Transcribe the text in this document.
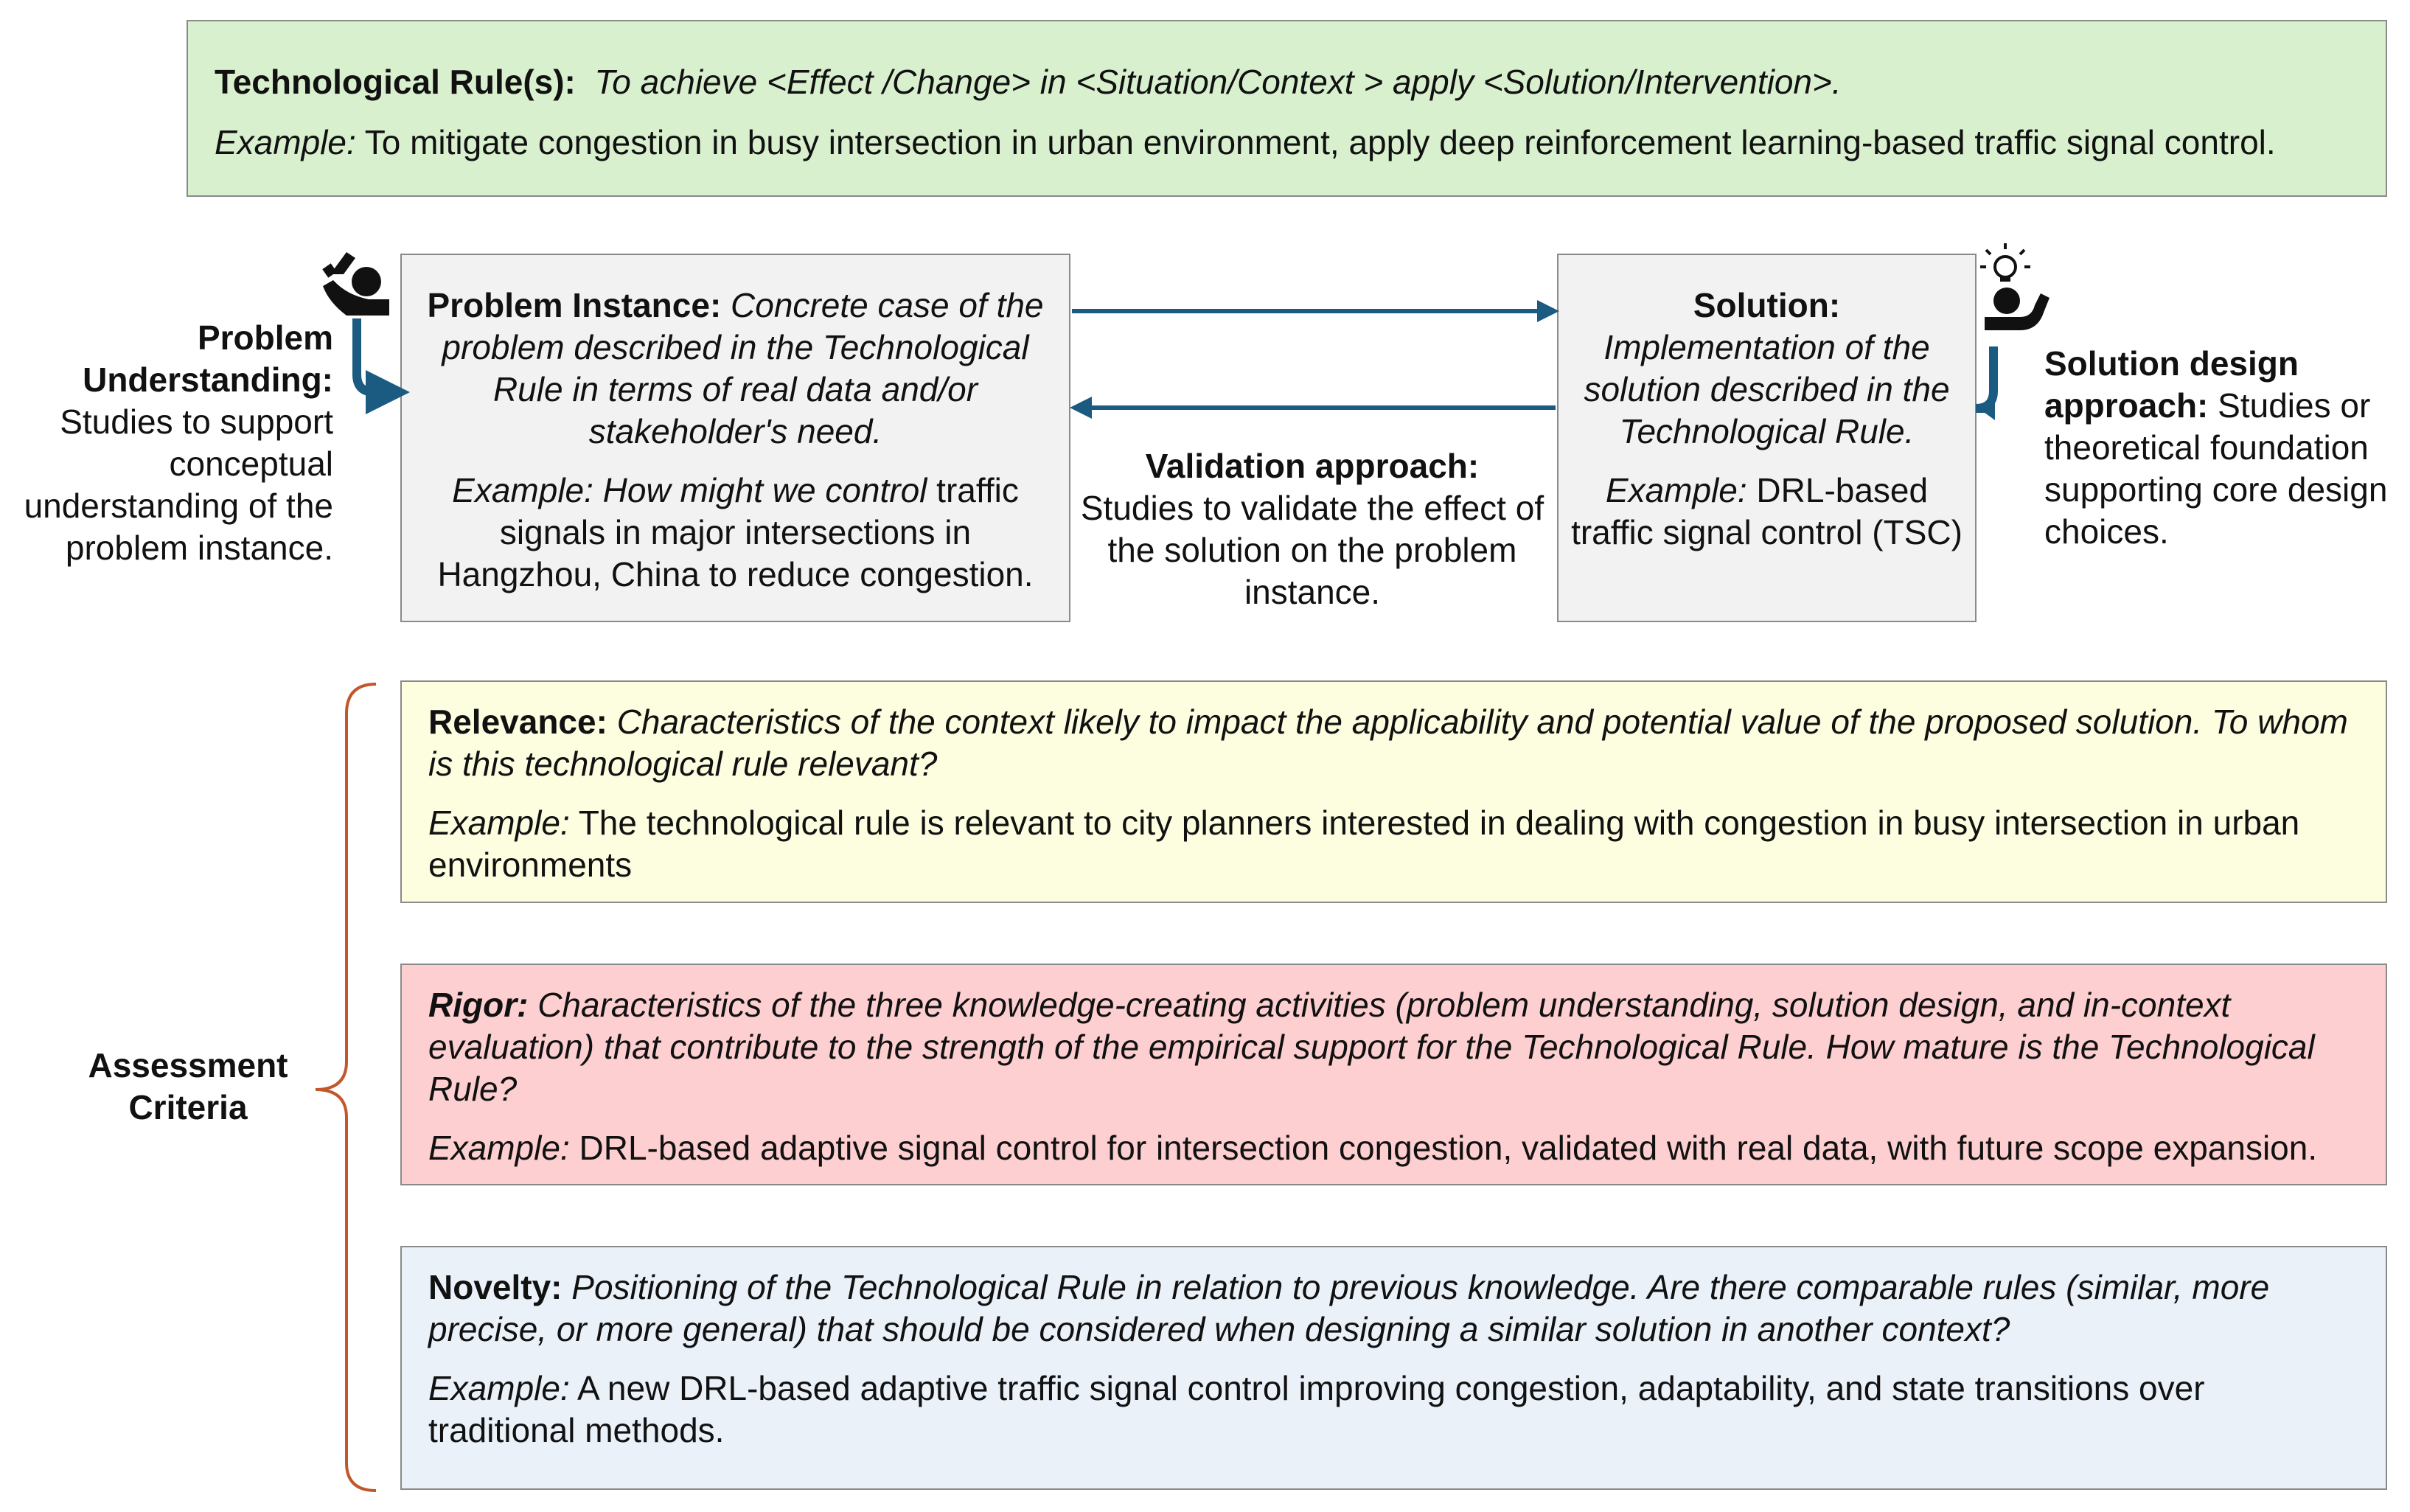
Technological Rule(s): To achieve <Effect /Change> in <Situation/Context > apply <Solution/Intervention>.

Example: To mitigate congestion in busy intersection in urban environment, apply deep reinforcement learning-based traffic signal control.

Problem Understanding:
Studies to support conceptual understanding of the problem instance.

Problem Instance: Concrete case of the problem described in the Technological Rule in terms of real data and/or stakeholder's need.

Example: How might we control traffic signals in major intersections in Hangzhou, China to reduce congestion.

Validation approach:
Studies to validate the effect of the solution on the problem instance.

Solution:
Implementation of the solution described in the Technological Rule.

Example: DRL-based traffic signal control (TSC)

Solution design approach: Studies or theoretical foundation supporting core design choices.
Assessment Criteria

Relevance: Characteristics of the context likely to impact the applicability and potential value of the proposed solution. To whom is this technological rule relevant?

Example: The technological rule is relevant to city planners interested in dealing with congestion in busy intersection in urban environments

Rigor: Characteristics of the three knowledge-creating activities (problem understanding, solution design, and in-context evaluation) that contribute to the strength of the empirical support for the Technological Rule. How mature is the Technological Rule?

Example: DRL-based adaptive signal control for intersection congestion, validated with real data, with future scope expansion.

Novelty: Positioning of the Technological Rule in relation to previous knowledge. Are there comparable rules (similar, more precise, or more general) that should be considered when designing a similar solution in another context?

Example: A new DRL-based adaptive traffic signal control improving congestion, adaptability, and state transitions over traditional methods.
